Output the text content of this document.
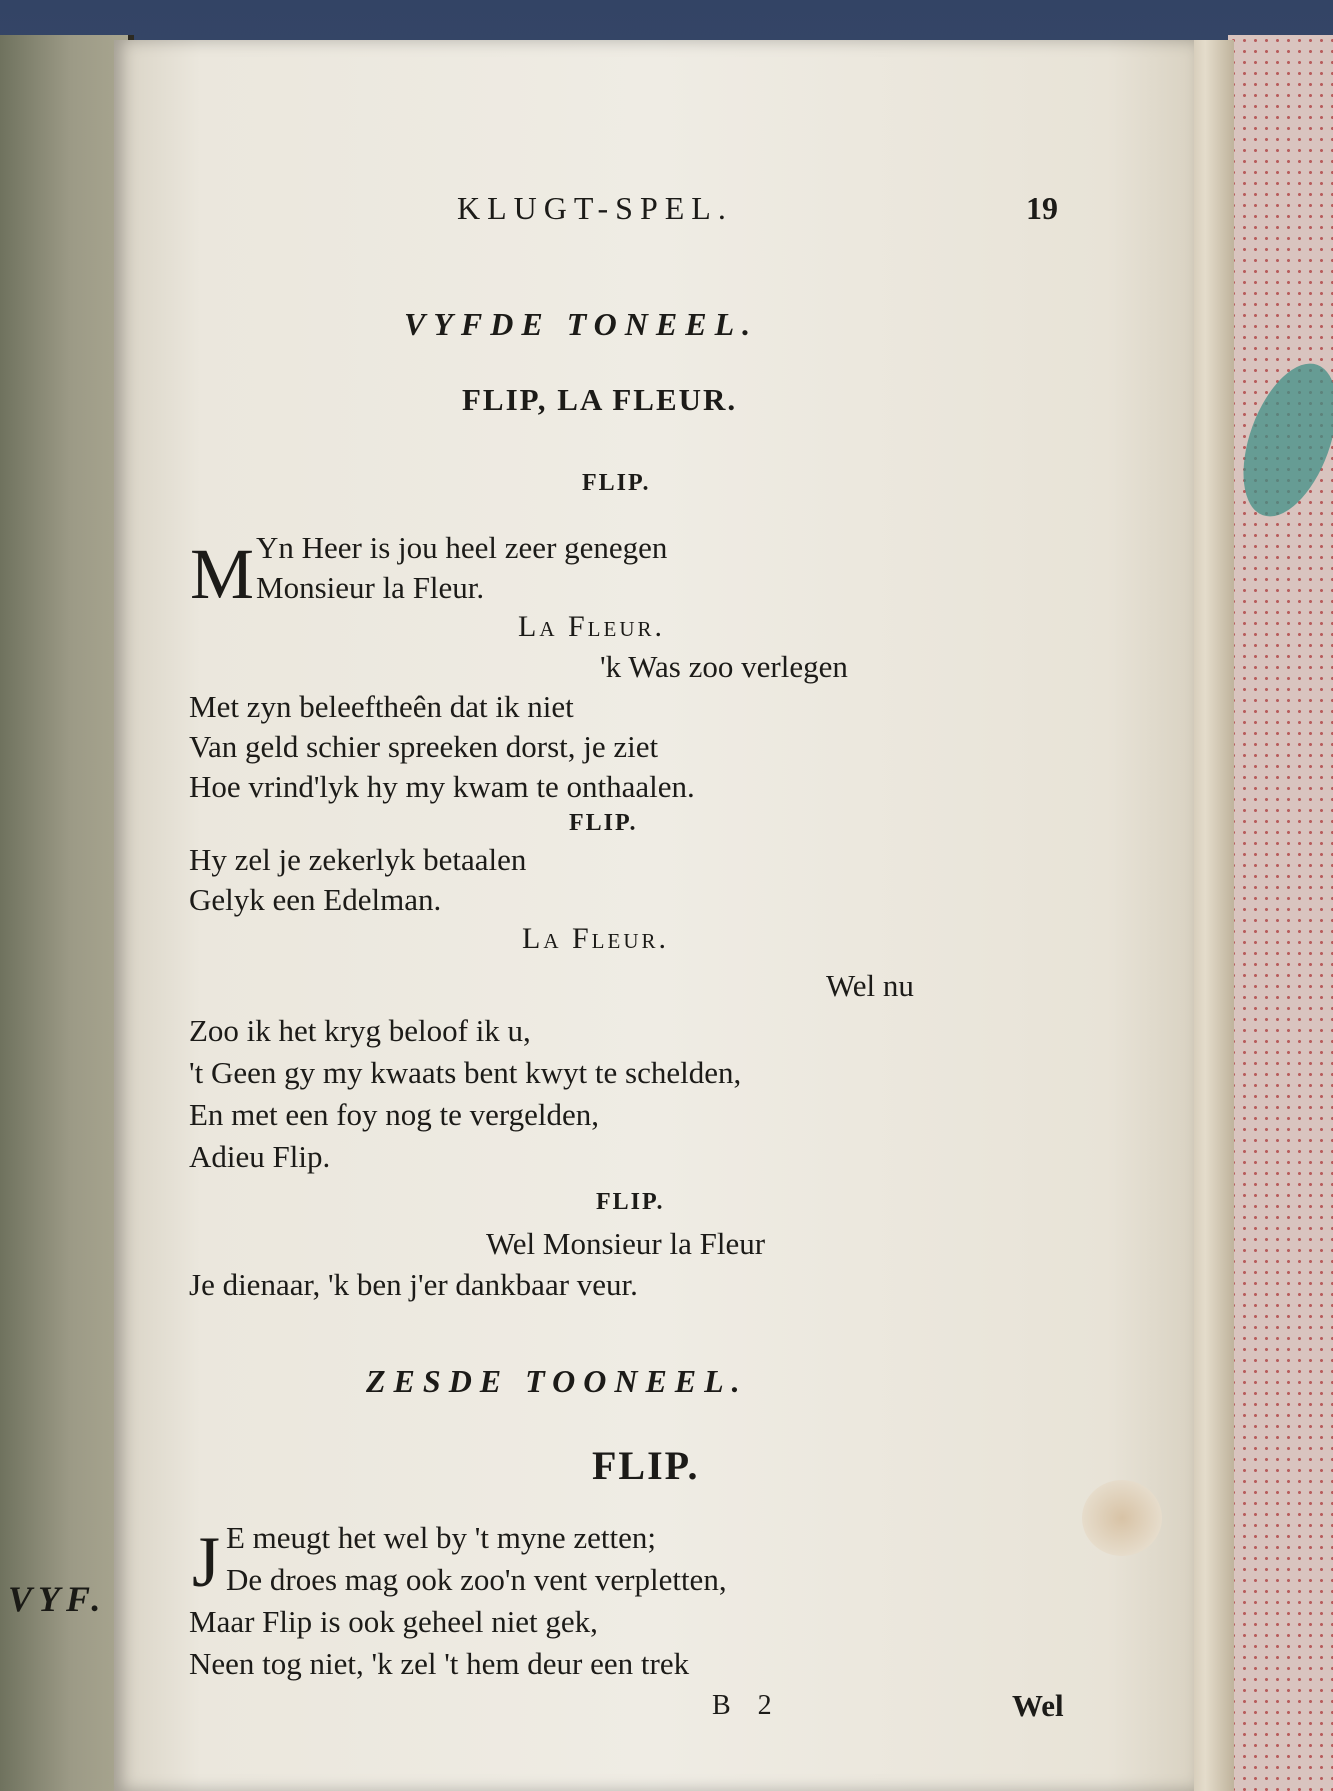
VYF.
KLUGT-SPEL.	19
VYFDE TONEEL.
FLIP, LA FLEUR.
FLIP.
M Yn Heer is jou heel zeer genegen
Monsieur la Fleur.
La Fleur.
'k Was zoo verlegen
Met zyn beleeftheên dat ik niet
Van geld schier spreeken dorst, je ziet
Hoe vrind'lyk hy my kwam te onthaalen.
FLIP.
Hy zel je zekerlyk betaalen
Gelyk een Edelman.
La Fleur.
Wel nu
Zoo ik het kryg beloof ik u,
't Geen gy my kwaats bent kwyt te schelden,
En met een foy nog te vergelden,
Adieu Flip.
FLIP.
Wel Monsieur la Fleur
Je dienaar, 'k ben j'er dankbaar veur.
ZESDE TOONEEL.
FLIP.
J E meugt het wel by 't myne zetten;
De droes mag ook zoo'n vent verpletten,
Maar Flip is ook geheel niet gek,
Neen tog niet, 'k zel 't hem deur een trek
B 2	Wel
